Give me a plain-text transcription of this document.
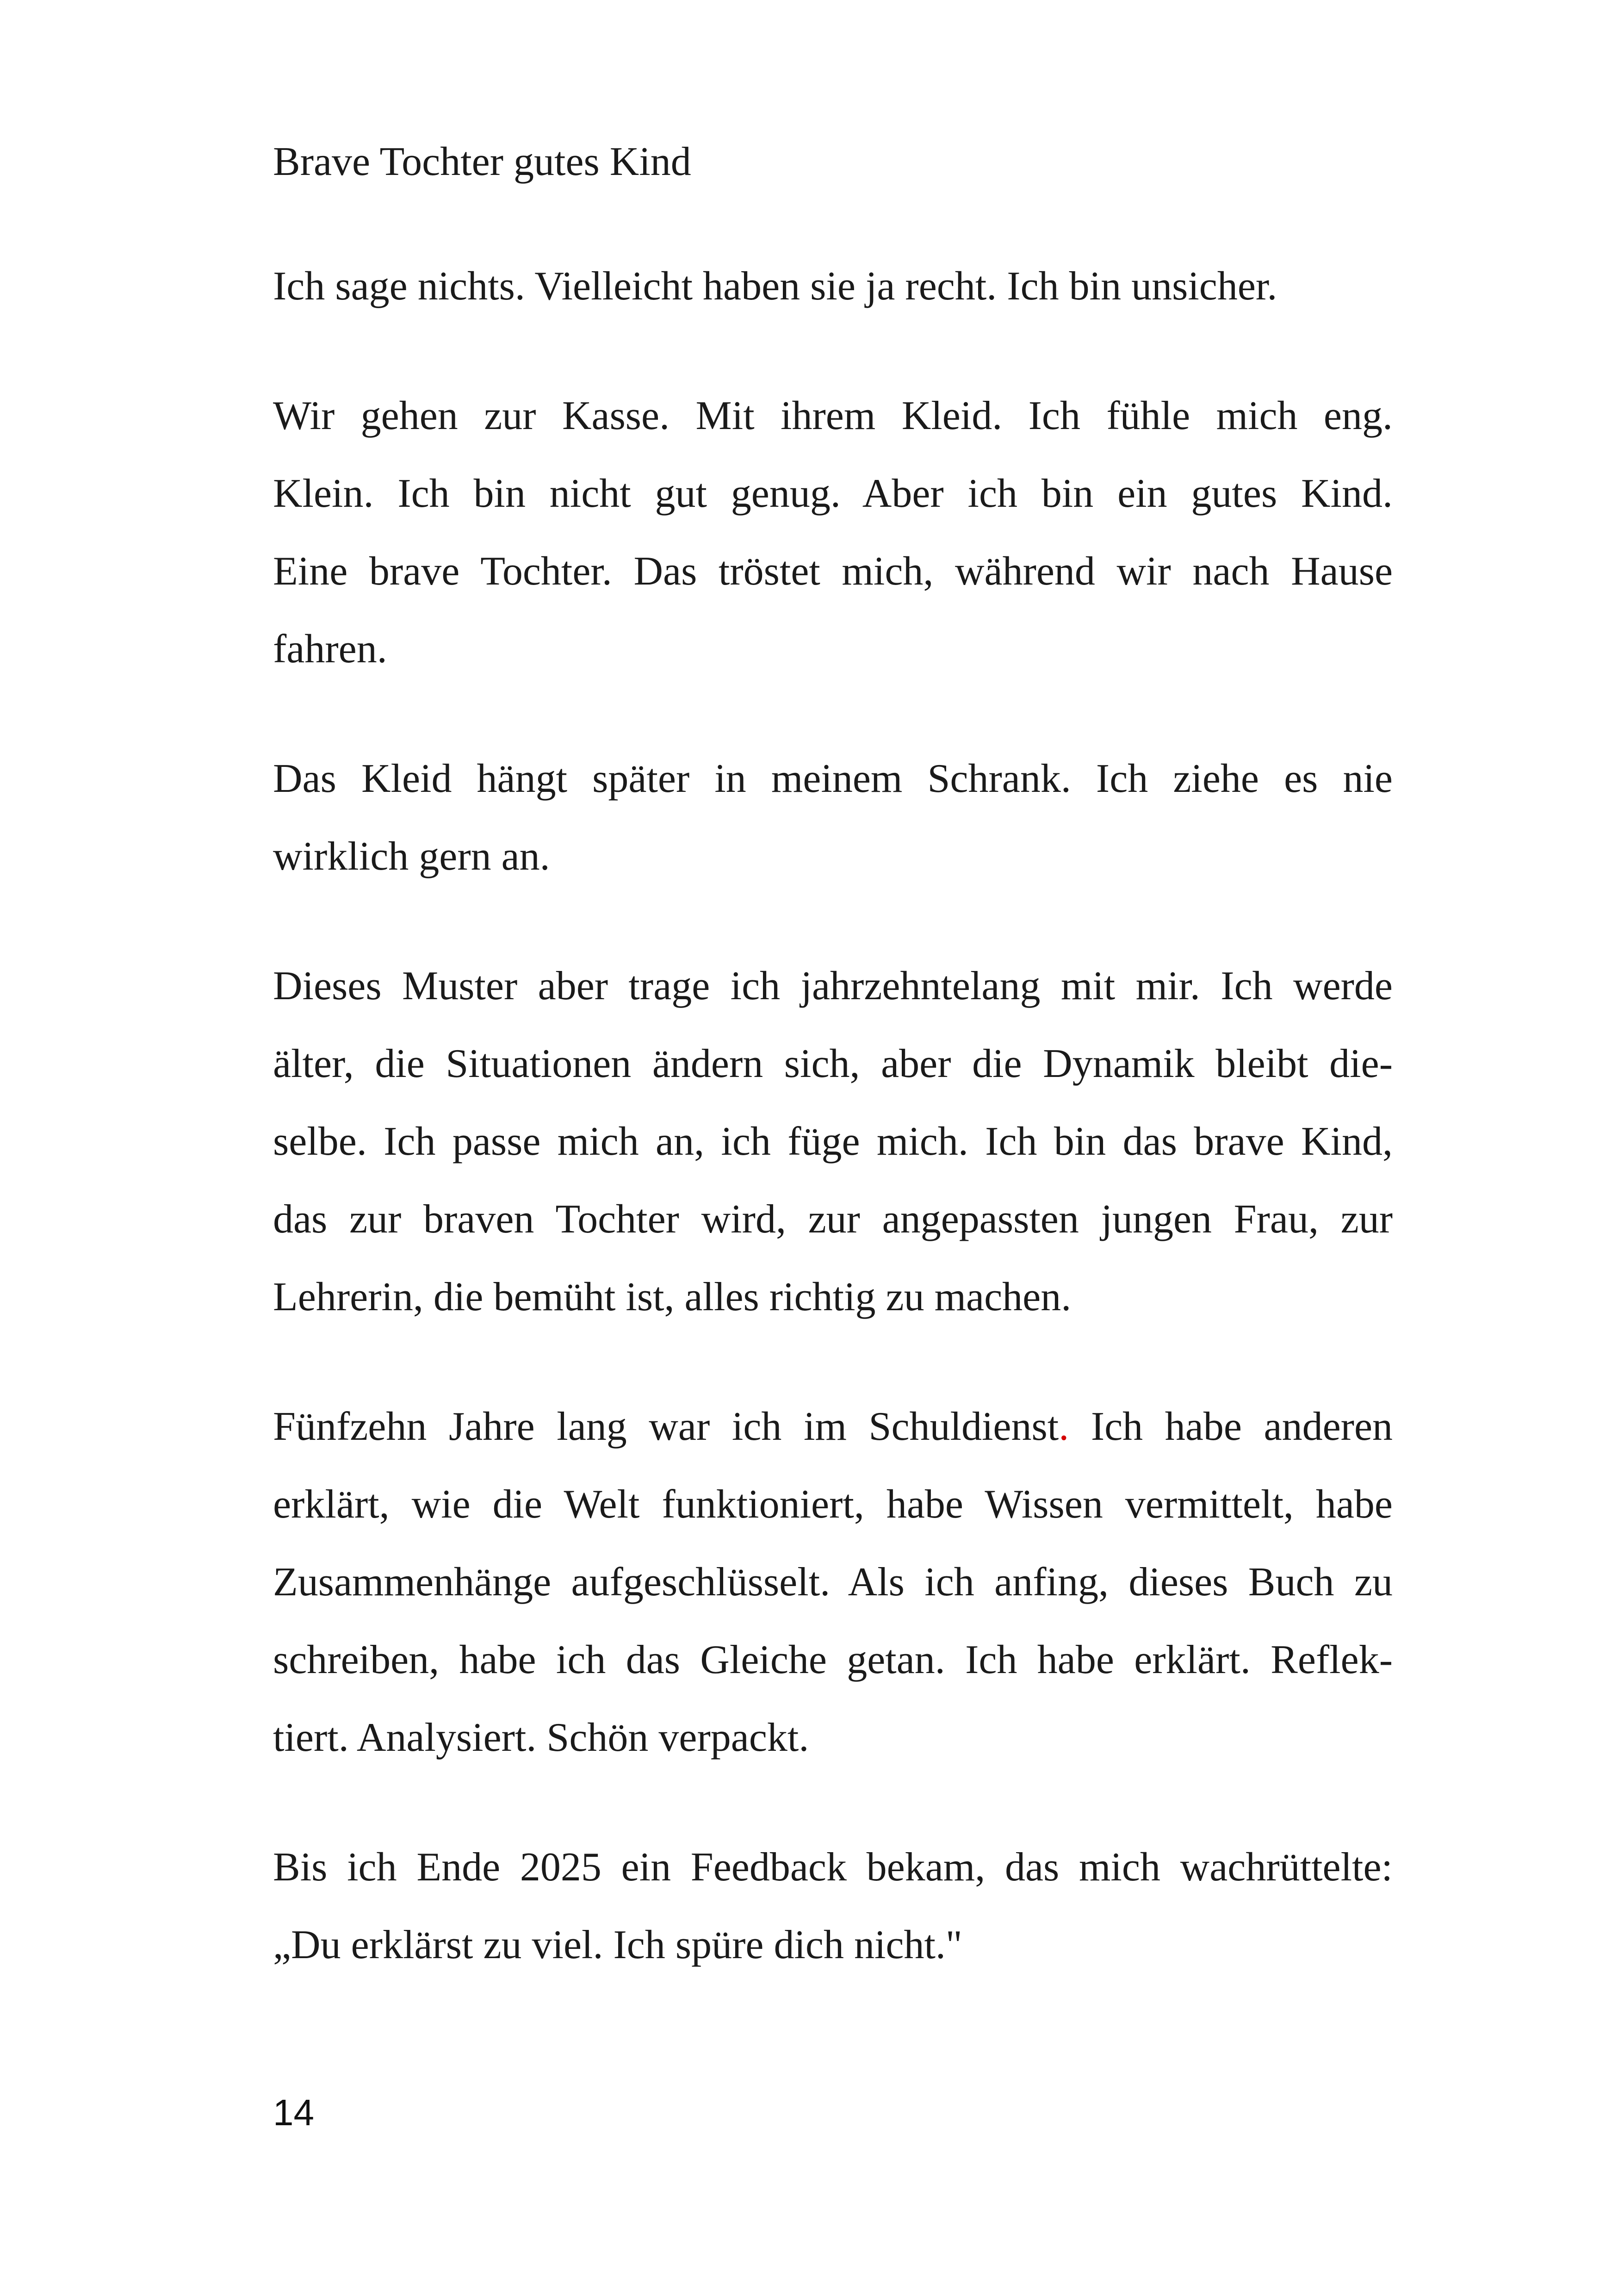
Brave Tochter gutes Kind

Ich sage nichts. Vielleicht haben sie ja recht. Ich bin unsicher.

Wir gehen zur Kasse. Mit ihrem Kleid. Ich fühle mich eng.
Klein. Ich bin nicht gut genug. Aber ich bin ein gutes Kind.
Eine brave Tochter. Das tröstet mich, während wir nach Hause
fahren.

Das Kleid hängt später in meinem Schrank. Ich ziehe es nie
wirklich gern an.

Dieses Muster aber trage ich jahrzehntelang mit mir. Ich werde
älter, die Situationen ändern sich, aber die Dynamik bleibt die-
selbe. Ich passe mich an, ich füge mich. Ich bin das brave Kind,
das zur braven Tochter wird, zur angepassten jungen Frau, zur
Lehrerin, die bemüht ist, alles richtig zu machen.

Fünfzehn Jahre lang war ich im Schuldienst. Ich habe anderen
erklärt, wie die Welt funktioniert, habe Wissen vermittelt, habe
Zusammenhänge aufgeschlüsselt. Als ich anfing, dieses Buch zu
schreiben, habe ich das Gleiche getan. Ich habe erklärt. Reflek-
tiert. Analysiert. Schön verpackt.

Bis ich Ende 2025 ein Feedback bekam, das mich wachrüttelte:
„Du erklärst zu viel. Ich spüre dich nicht."

14
